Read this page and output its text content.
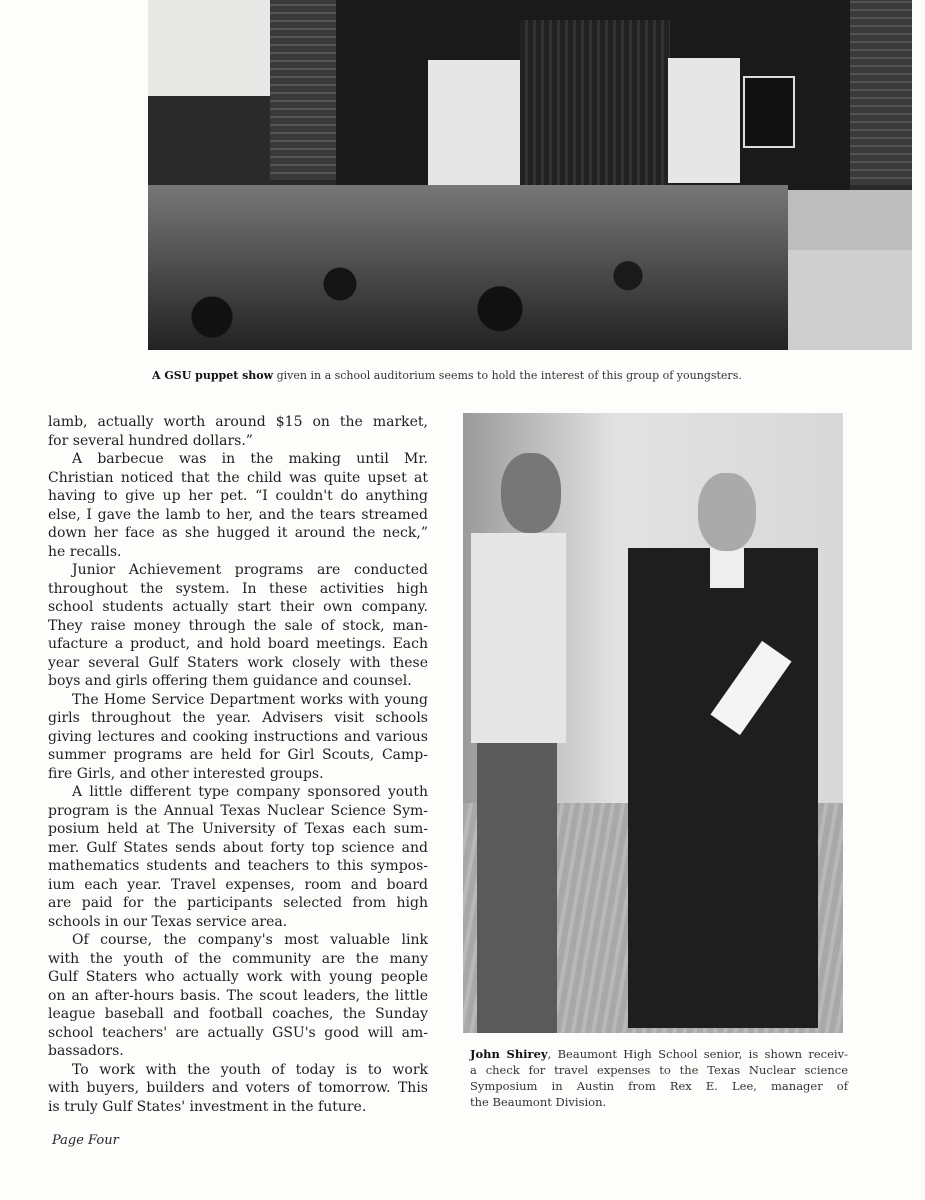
A GSU puppet show given in a school auditorium seems to hold the interest of this group of youngsters.
lamb, actually worth around $15 on the market,
for several hundred dollars.”
A barbecue was in the making until Mr.
Christian noticed that the child was quite upset at
having to give up her pet. “I couldn't do anything
else, I gave the lamb to her, and the tears streamed
down her face as she hugged it around the neck,”
he recalls.
Junior Achievement programs are conducted
throughout the system. In these activities high
school students actually start their own company.
They raise money through the sale of stock, man-
ufacture a product, and hold board meetings. Each
year several Gulf Staters work closely with these
boys and girls offering them guidance and counsel.
The Home Service Department works with young
girls throughout the year. Advisers visit schools
giving lectures and cooking instructions and various
summer programs are held for Girl Scouts, Camp-
fire Girls, and other interested groups.
A little different type company sponsored youth
program is the Annual Texas Nuclear Science Sym-
posium held at The University of Texas each sum-
mer. Gulf States sends about forty top science and
mathematics students and teachers to this sympos-
ium each year. Travel expenses, room and board
are paid for the participants selected from high
schools in our Texas service area.
Of course, the company's most valuable link
with the youth of the community are the many
Gulf Staters who actually work with young people
on an after-hours basis. The scout leaders, the little
league baseball and football coaches, the Sunday
school teachers' are actually GSU's good will am-
bassadors.
To work with the youth of today is to work
with buyers, builders and voters of tomorrow. This
is truly Gulf States' investment in the future.
John Shirey, Beaumont High School senior, is shown receiv-
a check for travel expenses to the Texas Nuclear science
Symposium in Austin from Rex E. Lee, manager of
the Beaumont Division.
Page Four
